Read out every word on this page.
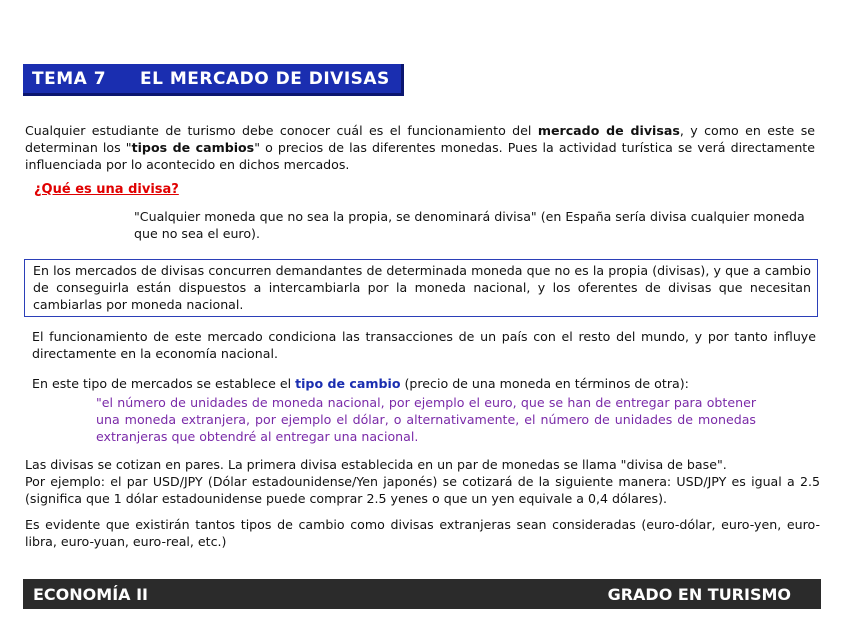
TEMA 7	EL MERCADO DE DIVISAS
Cualquier estudiante de turismo debe conocer cuál es el funcionamiento del mercado de divisas, y como en este se determinan los "tipos de cambios" o precios de las diferentes monedas. Pues la actividad turística se verá directamente influenciada por lo acontecido en dichos mercados.
¿Qué es una divisa?
"Cualquier moneda que no sea la propia, se denominará divisa" (en España sería divisa cualquier moneda que no sea el euro).
En los mercados de divisas concurren demandantes de determinada moneda que no es la propia (divisas), y que a cambio de conseguirla están dispuestos a intercambiarla por la moneda nacional, y los oferentes de divisas que necesitan cambiarlas por moneda nacional.
El funcionamiento de este mercado condiciona las transacciones de un país con el resto del mundo, y por tanto influye directamente en la economía nacional.
En este tipo de mercados se establece el tipo de cambio (precio de una moneda en términos de otra):
"el número de unidades de moneda nacional, por ejemplo el euro, que se han de entregar para obtener una moneda extranjera, por ejemplo el dólar, o alternativamente, el número de unidades de monedas extranjeras que obtendré al entregar una nacional.
Las divisas se cotizan en pares. La primera divisa establecida en un par de monedas se llama "divisa de base".
Por ejemplo: el par USD/JPY (Dólar estadounidense/Yen japonés) se cotizará de la siguiente manera: USD/JPY es igual a 2.5 (significa que 1 dólar estadounidense puede comprar 2.5 yenes o que un yen equivale a 0,4 dólares).
Es evidente que existirán tantos tipos de cambio como divisas extranjeras sean consideradas (euro-dólar, euro-yen, euro-libra, euro-yuan, euro-real, etc.)
ECONOMÍA II	GRADO EN TURISMO
